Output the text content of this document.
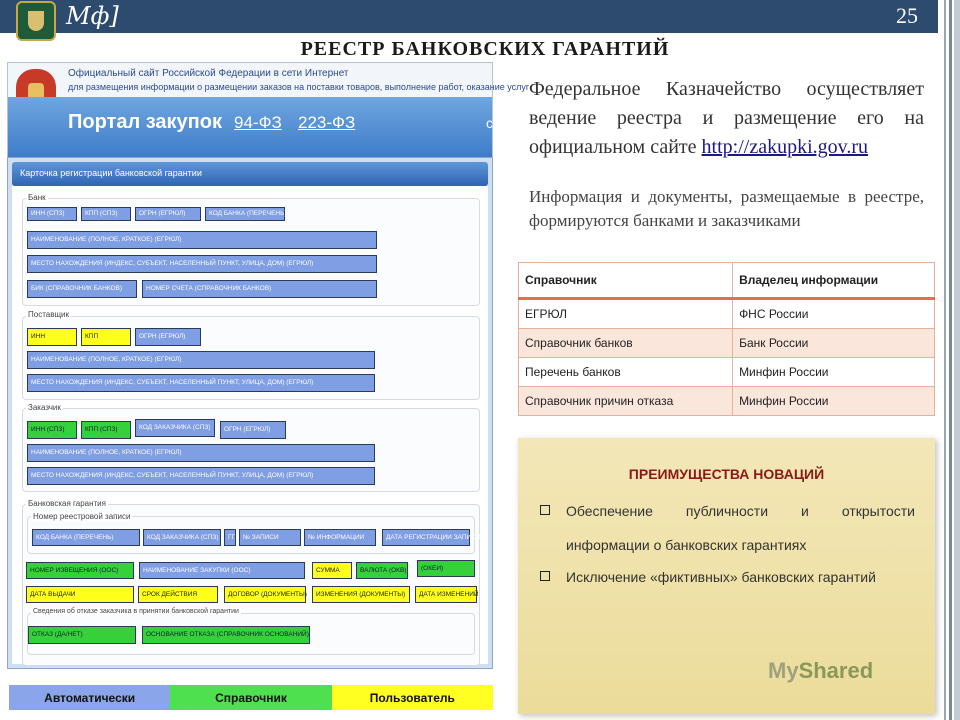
Мф]	25
РЕЕСТР БАНКОВСКИХ ГАРАНТИЙ
Официальный сайт Российской Федерации в сети Интернет
для размещения информации о размещении заказов на поставки товаров, выполнение работ, оказание услуг
Портал закупок 94-ФЗ 223-ФЗ	с
Карточка регистрации банковской гарантии
Банк
ИНН (СПЗ)	КПП (СПЗ)	ОГРН (ЕГРЮЛ)	КОД БАНКА (ПЕРЕЧЕНЬ)
НАИМЕНОВАНИЕ (ПОЛНОЕ, КРАТКОЕ) (ЕГРЮЛ)
МЕСТО НАХОЖДЕНИЯ (ИНДЕКС, СУБЪЕКТ, НАСЕЛЕННЫЙ ПУНКТ, УЛИЦА, ДОМ) (ЕГРЮЛ)
БИК (СПРАВОЧНИК БАНКОВ)	НОМЕР СЧЕТА (СПРАВОЧНИК БАНКОВ)
Поставщик
ИНН	КПП	ОГРН (ЕГРЮЛ)
НАИМЕНОВАНИЕ (ПОЛНОЕ, КРАТКОЕ) (ЕГРЮЛ)
МЕСТО НАХОЖДЕНИЯ (ИНДЕКС, СУБЪЕКТ, НАСЕЛЕННЫЙ ПУНКТ, УЛИЦА, ДОМ) (ЕГРЮЛ)
Заказчик
ИНН (СПЗ)	КПП (СПЗ)	КОД ЗАКАЗЧИКА (СПЗ)	ОГРН (ЕГРЮЛ)
НАИМЕНОВАНИЕ (ПОЛНОЕ, КРАТКОЕ) (ЕГРЮЛ)
МЕСТО НАХОЖДЕНИЯ (ИНДЕКС, СУБЪЕКТ, НАСЕЛЕННЫЙ ПУНКТ, УЛИЦА, ДОМ) (ЕГРЮЛ)
Банковская гарантия
Номер реестровой записи
КОД БАНКА (ПЕРЕЧЕНЬ)	КОД ЗАКАЗЧИКА (СПЗ)	ГГ	№ ЗАПИСИ	№ ИНФОРМАЦИИ	ДАТА РЕГИСТРАЦИИ ЗАПИСИ
НОМЕР ИЗВЕЩЕНИЯ (ООС)	НАИМЕНОВАНИЕ ЗАКУПКИ (ООС)	СУММА	ВАЛЮТА (ОКВ)	(ОКЕИ)
ДАТА ВЫДАЧИ	СРОК ДЕЙСТВИЯ	ДОГОВОР (ДОКУМЕНТЫ)	ИЗМЕНЕНИЯ (ДОКУМЕНТЫ)	ДАТА ИЗМЕНЕНИЙ
Сведения об отказе заказчика в принятии банковской гарантии
ОТКАЗ (ДА/НЕТ)	ОСНОВАНИЕ ОТКАЗА (СПРАВОЧНИК ОСНОВАНИЙ)
Автоматически	Справочник	Пользователь
Федеральное Казначейство осуществляет ведение реестра и размещение его на официальном сайте http://zakupki.gov.ru
Информация и документы, размещаемые в реестре, формируются банками и заказчиками
Справочник	Владелец информации
ЕГРЮЛ	ФНС России
Справочник банков	Банк России
Перечень банков	Минфин России
Справочник причин отказа	Минфин России
ПРЕИМУЩЕСТВА НОВАЦИЙ
Обеспечение публичности и открытости информации о банковских гарантиях
Исключение «фиктивных» банковских гарантий
MyShared
